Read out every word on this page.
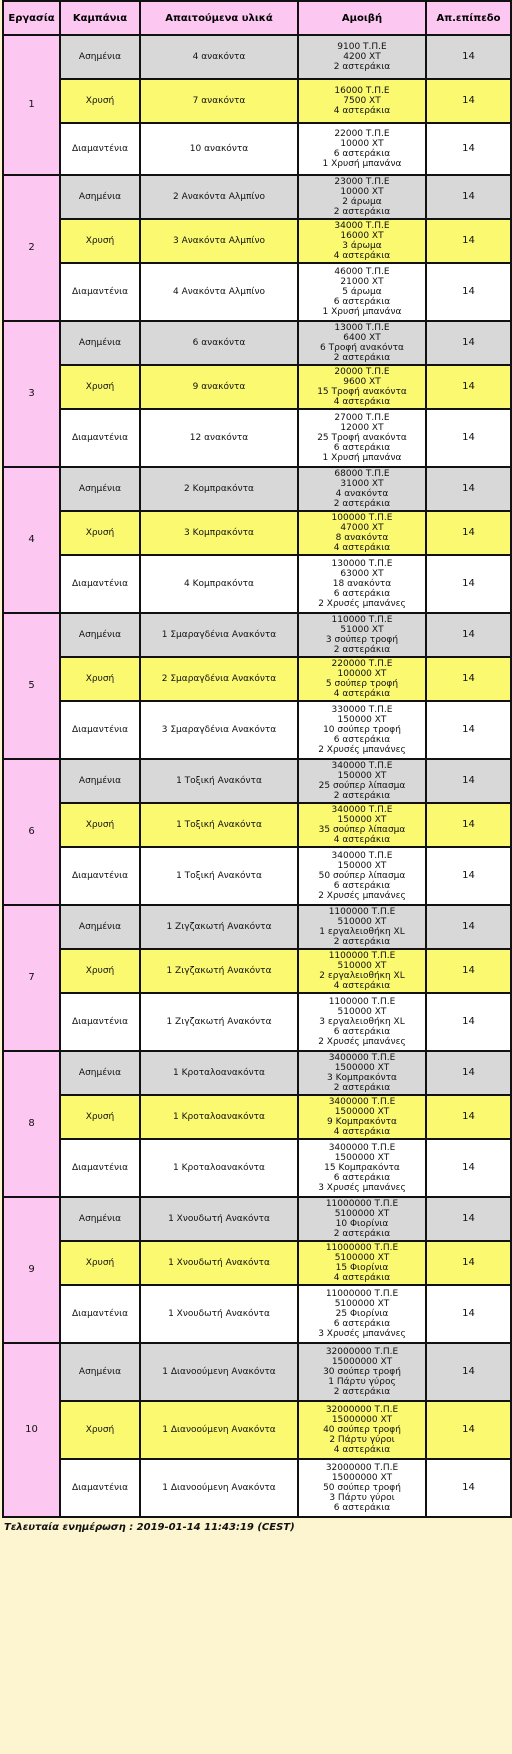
Εργασία	Καμπάνια	Απαιτούμενα υλικά	Αμοιβή	Απ.επίπεδο
1	Ασημένια	4 ανακόντα	9100 Τ.Π.Ε
4200 ΧΤ
2 αστεράκια	14
	Χρυσή	7 ανακόντα	16000 Τ.Π.Ε
7500 ΧΤ
4 αστεράκια	14
	Διαμαντένια	10 ανακόντα	22000 Τ.Π.Ε
10000 ΧΤ
6 αστεράκια
1 Χρυσή μπανάνα	14
2	Ασημένια	2 Ανακόντα Αλμπίνο	23000 Τ.Π.Ε
10000 ΧΤ
2 άρωμα
2 αστεράκια	14
	Χρυσή	3 Ανακόντα Αλμπίνο	34000 Τ.Π.Ε
16000 ΧΤ
3 άρωμα
4 αστεράκια	14
	Διαμαντένια	4 Ανακόντα Αλμπίνο	46000 Τ.Π.Ε
21000 ΧΤ
5 άρωμα
6 αστεράκια
1 Χρυσή μπανάνα	14
3	Ασημένια	6 ανακόντα	13000 Τ.Π.Ε
6400 ΧΤ
6 Τροφή ανακόντα
2 αστεράκια	14
	Χρυσή	9 ανακόντα	20000 Τ.Π.Ε
9600 ΧΤ
15 Τροφή ανακόντα
4 αστεράκια	14
	Διαμαντένια	12 ανακόντα	27000 Τ.Π.Ε
12000 ΧΤ
25 Τροφή ανακόντα
6 αστεράκια
1 Χρυσή μπανάνα	14
4	Ασημένια	2 Κομπρακόντα	68000 Τ.Π.Ε
31000 ΧΤ
4 ανακόντα
2 αστεράκια	14
	Χρυσή	3 Κομπρακόντα	100000 Τ.Π.Ε
47000 ΧΤ
8 ανακόντα
4 αστεράκια	14
	Διαμαντένια	4 Κομπρακόντα	130000 Τ.Π.Ε
63000 ΧΤ
18 ανακόντα
6 αστεράκια
2 Χρυσές μπανάνες	14
5	Ασημένια	1 Σμαραγδένια Ανακόντα	110000 Τ.Π.Ε
51000 ΧΤ
3 σούπερ τροφή
2 αστεράκια	14
	Χρυσή	2 Σμαραγδένια Ανακόντα	220000 Τ.Π.Ε
100000 ΧΤ
5 σούπερ τροφή
4 αστεράκια	14
	Διαμαντένια	3 Σμαραγδένια Ανακόντα	330000 Τ.Π.Ε
150000 ΧΤ
10 σούπερ τροφή
6 αστεράκια
2 Χρυσές μπανάνες	14
6	Ασημένια	1 Τοξική Ανακόντα	340000 Τ.Π.Ε
150000 ΧΤ
25 σούπερ λίπασμα
2 αστεράκια	14
	Χρυσή	1 Τοξική Ανακόντα	340000 Τ.Π.Ε
150000 ΧΤ
35 σούπερ λίπασμα
4 αστεράκια	14
	Διαμαντένια	1 Τοξική Ανακόντα	340000 Τ.Π.Ε
150000 ΧΤ
50 σούπερ λίπασμα
6 αστεράκια
2 Χρυσές μπανάνες	14
7	Ασημένια	1 Ζιγζακωτή Ανακόντα	1100000 Τ.Π.Ε
510000 ΧΤ
1 εργαλειοθήκη XL
2 αστεράκια	14
	Χρυσή	1 Ζιγζακωτή Ανακόντα	1100000 Τ.Π.Ε
510000 ΧΤ
2 εργαλειοθήκη XL
4 αστεράκια	14
	Διαμαντένια	1 Ζιγζακωτή Ανακόντα	1100000 Τ.Π.Ε
510000 ΧΤ
3 εργαλειοθήκη XL
6 αστεράκια
2 Χρυσές μπανάνες	14
8	Ασημένια	1 Κροταλοανακόντα	3400000 Τ.Π.Ε
1500000 ΧΤ
3 Κομπρακόντα
2 αστεράκια	14
	Χρυσή	1 Κροταλοανακόντα	3400000 Τ.Π.Ε
1500000 ΧΤ
9 Κομπρακόντα
4 αστεράκια	14
	Διαμαντένια	1 Κροταλοανακόντα	3400000 Τ.Π.Ε
1500000 ΧΤ
15 Κομπρακόντα
6 αστεράκια
3 Χρυσές μπανάνες	14
9	Ασημένια	1 Χνουδωτή Ανακόντα	11000000 Τ.Π.Ε
5100000 ΧΤ
10 Φιορίνια
2 αστεράκια	14
	Χρυσή	1 Χνουδωτή Ανακόντα	11000000 Τ.Π.Ε
5100000 ΧΤ
15 Φιορίνια
4 αστεράκια	14
	Διαμαντένια	1 Χνουδωτή Ανακόντα	11000000 Τ.Π.Ε
5100000 ΧΤ
25 Φιορίνια
6 αστεράκια
3 Χρυσές μπανάνες	14
10	Ασημένια	1 Διανοούμενη Ανακόντα	32000000 Τ.Π.Ε
15000000 ΧΤ
30 σούπερ τροφή
1 Πάρτυ γύρος
2 αστεράκια	14
	Χρυσή	1 Διανοούμενη Ανακόντα	32000000 Τ.Π.Ε
15000000 ΧΤ
40 σούπερ τροφή
2 Πάρτυ γύροι
4 αστεράκια	14
	Διαμαντένια	1 Διανοούμενη Ανακόντα	32000000 Τ.Π.Ε
15000000 ΧΤ
50 σούπερ τροφή
3 Πάρτυ γύροι
6 αστεράκια	14
Τελευταία ενημέρωση : 2019-01-14 11:43:19 (CEST)
